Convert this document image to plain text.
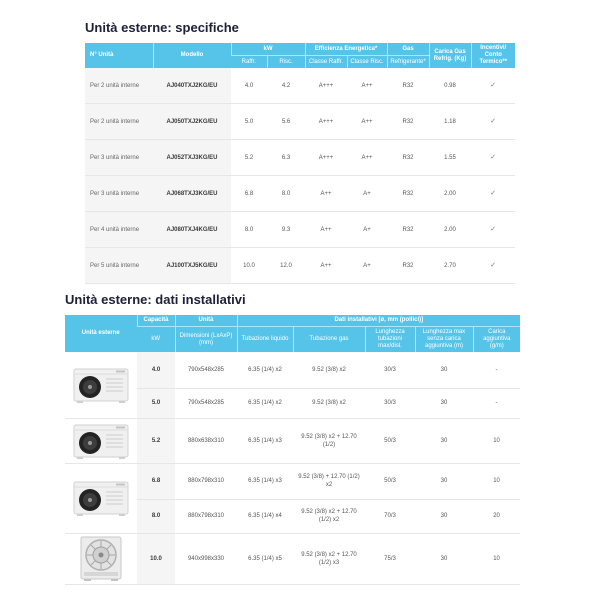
Unità esterne: specifiche
N° Unità	Modello	kW		Efficienza Energetica*		Gas	Carica Gas Refrig. (Kg)	Incentivi/ Conto Termico**
		Raffr.	Risc.	Classe Raffr.	Classe Risc.	Refrigerante*		
Per 2 unità interne	AJ040TXJ2KG/EU	4.0	4.2	A+++	A++	R32	0.98	✓
Per 2 unità interne	AJ050TXJ2KG/EU	5.0	5.6	A+++	A++	R32	1.18	✓
Per 3 unità interne	AJ052TXJ3KG/EU	5.2	6.3	A+++	A++	R32	1.55	✓
Per 3 unità interne	AJ068TXJ3KG/EU	6.8	8.0	A++	A+	R32	2.00	✓
Per 4 unità interne	AJ080TXJ4KG/EU	8.0	9.3	A++	A+	R32	2.00	✓
Per 5 unità interne	AJ100TXJ5KG/EU	10.0	12.0	A++	A+	R32	2.70	✓
Unità esterne: dati installativi
Unità esterne	Capacità	Unità	Dati installativi [ø, mm (pollici)]				
	kW	Dimensioni (LxAxP) (mm)	Tubazione liquido	Tubazione gas	Lunghezza tubazioni max/disl.	Lunghezza max senza carica aggiuntiva (m)	Carica aggiuntiva (g/m)

	4.0	790x548x285	6.35 (1/4) x2	9.52 (3/8) x2	30/3	30	-
	5.0	790x548x285	6.35 (1/4) x2	9.52 (3/8) x2	30/3	30	-

	5.2	880x638x310	6.35 (1/4) x3	9.52 (3/8) x2 + 12.70 (1/2)	50/3	30	10

	6.8	880x798x310	6.35 (1/4) x3	9.52 (3/8) + 12.70 (1/2) x2	50/3	30	10
	8.0	880x798x310	6.35 (1/4) x4	9.52 (3/8) x2 + 12.70 (1/2) x2	70/3	30	20

	10.0	940x998x330	6.35 (1/4) x5	9.52 (3/8) x2 + 12.70 (1/2) x3	75/3	30	10
